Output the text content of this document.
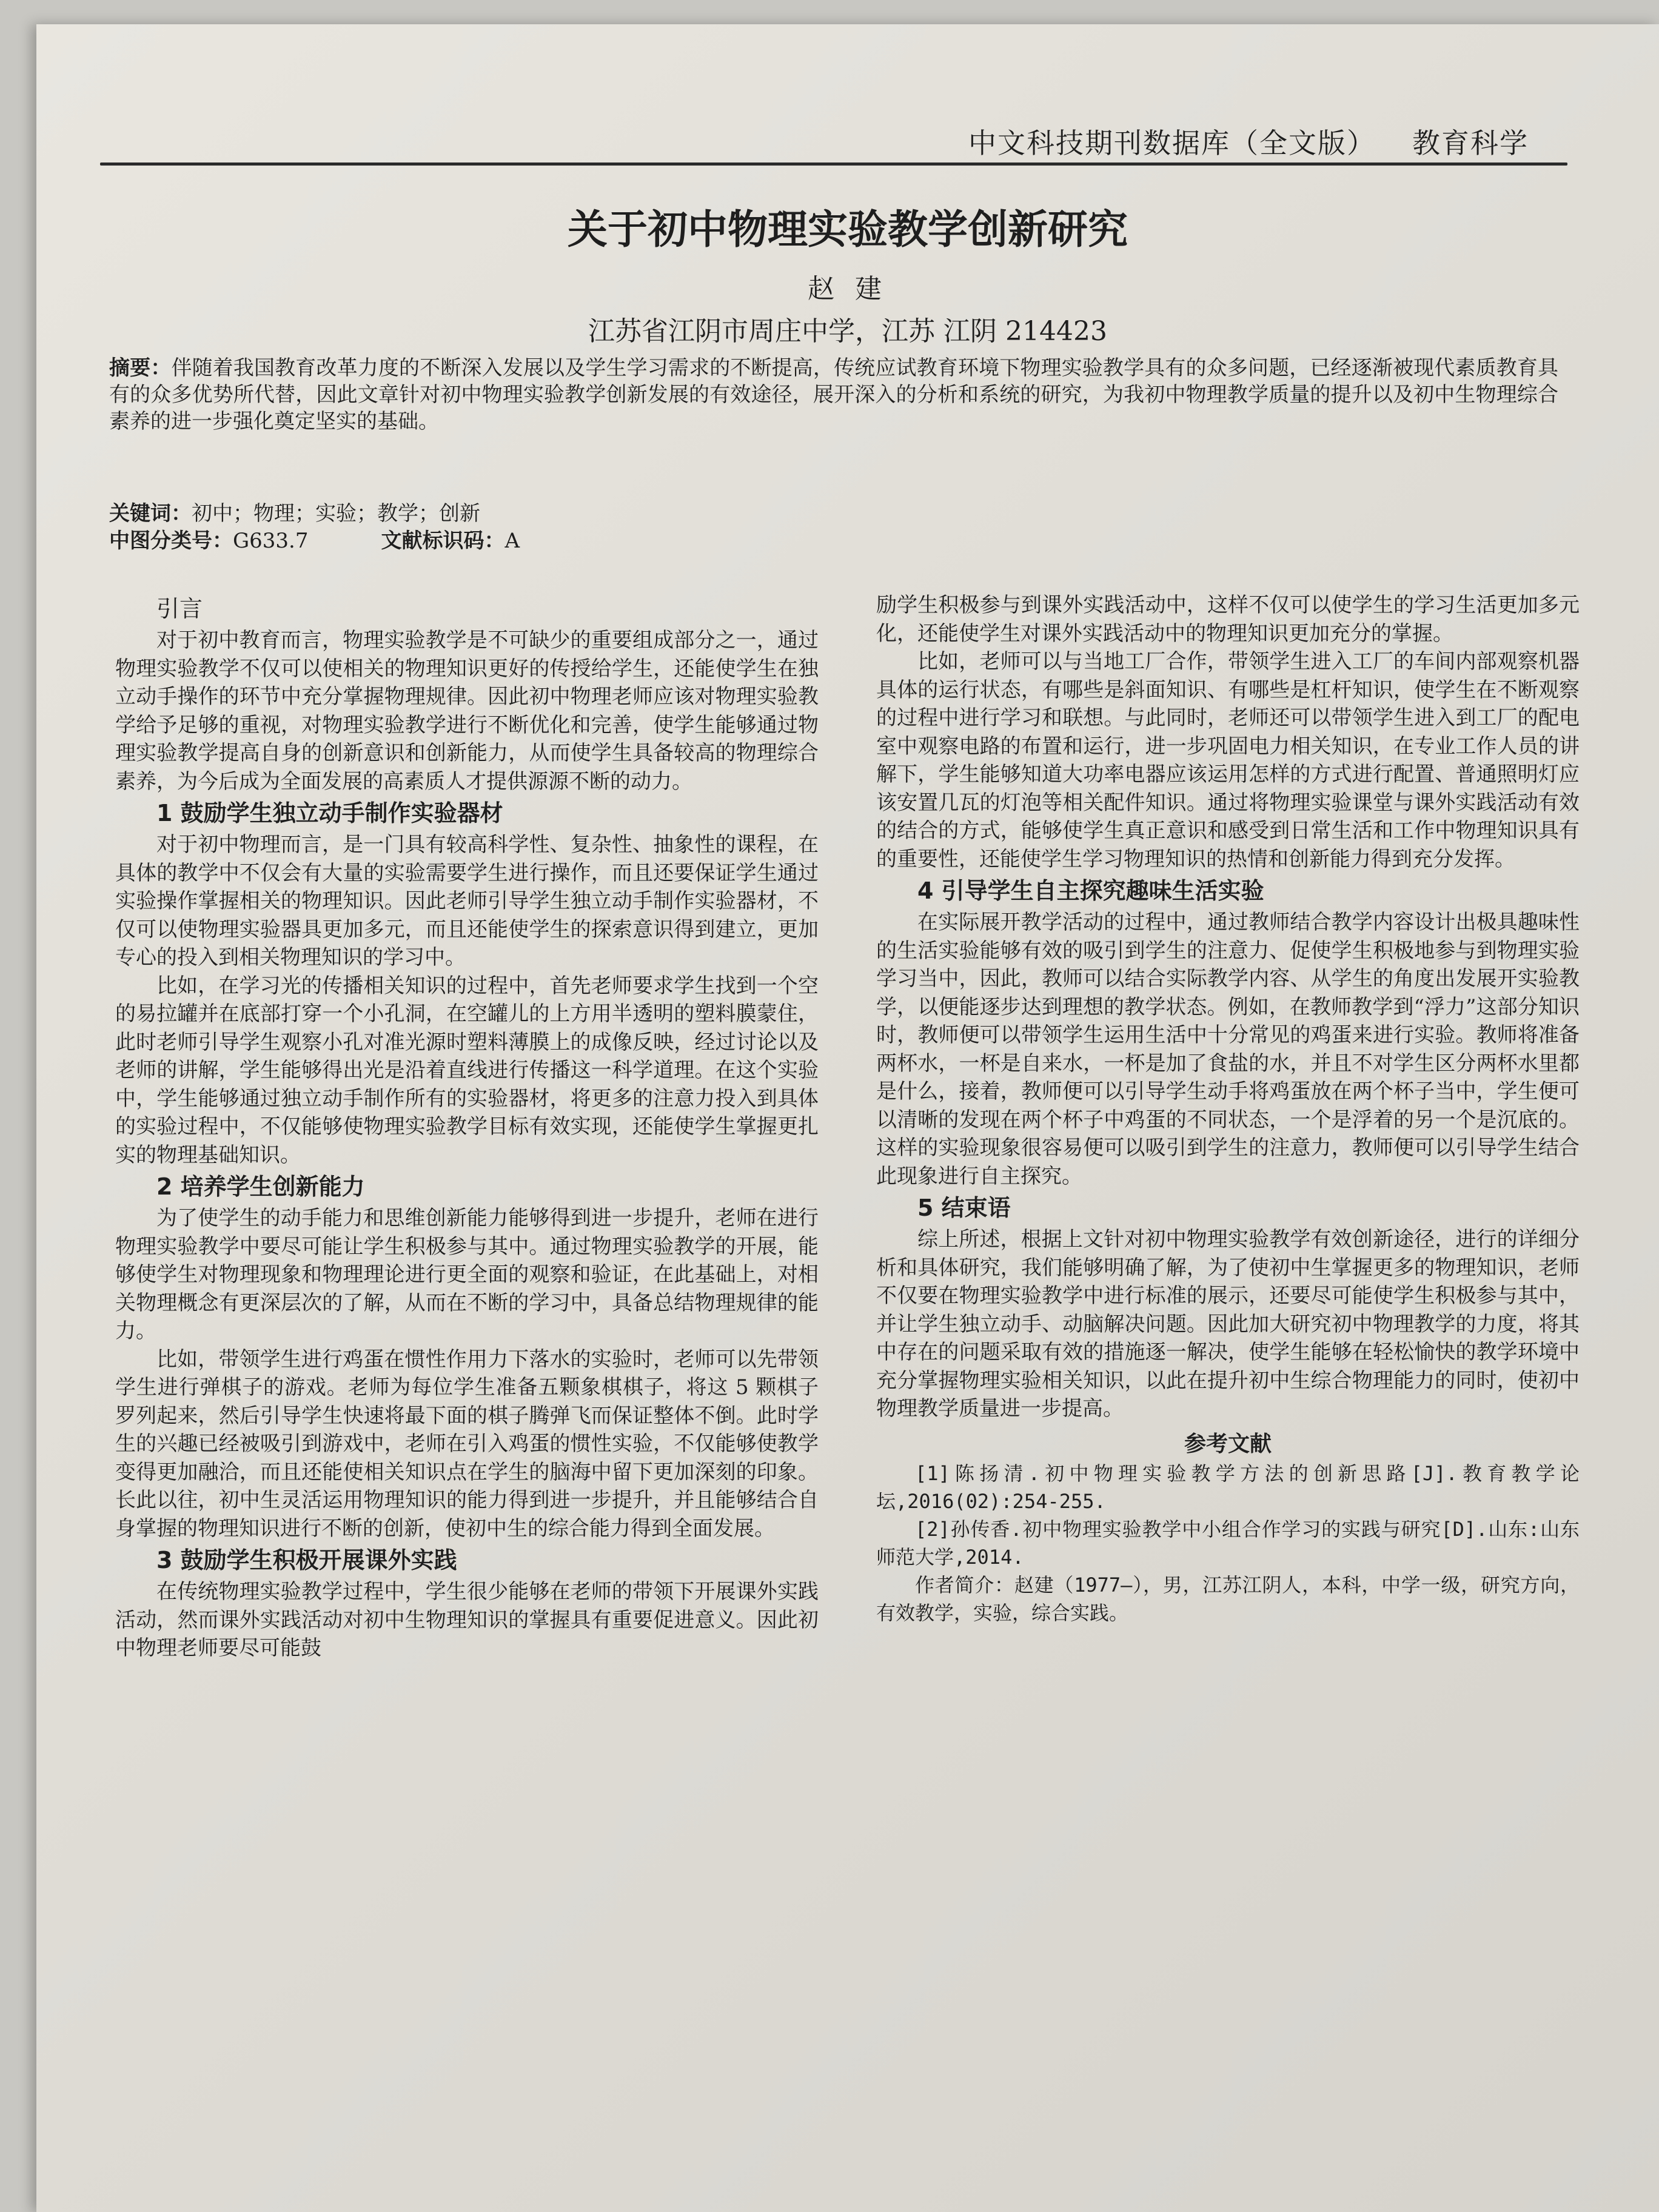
中文科技期刊数据库（全文版） 教育科学
关于初中物理实验教学创新研究
赵 建
江苏省江阴市周庄中学，江苏 江阴 214423
摘要：伴随着我国教育改革力度的不断深入发展以及学生学习需求的不断提高，传统应试教育环境下物理实验教学具有的众多问题，已经逐渐被现代素质教育具有的众多优势所代替，因此文章针对初中物理实验教学创新发展的有效途径，展开深入的分析和系统的研究，为我初中物理教学质量的提升以及初中生物理综合素养的进一步强化奠定坚实的基础。
关键词：初中；物理；实验；教学；创新
中图分类号：G633.7	文献标识码：A
引言

对于初中教育而言，物理实验教学是不可缺少的重要组成部分之一，通过物理实验教学不仅可以使相关的物理知识更好的传授给学生，还能使学生在独立动手操作的环节中充分掌握物理规律。因此初中物理老师应该对物理实验教学给予足够的重视，对物理实验教学进行不断优化和完善，使学生能够通过物理实验教学提高自身的创新意识和创新能力，从而使学生具备较高的物理综合素养，为今后成为全面发展的高素质人才提供源源不断的动力。

1 鼓励学生独立动手制作实验器材

对于初中物理而言，是一门具有较高科学性、复杂性、抽象性的课程，在具体的教学中不仅会有大量的实验需要学生进行操作，而且还要保证学生通过实验操作掌握相关的物理知识。因此老师引导学生独立动手制作实验器材，不仅可以使物理实验器具更加多元，而且还能使学生的探索意识得到建立，更加专心的投入到相关物理知识的学习中。

比如，在学习光的传播相关知识的过程中，首先老师要求学生找到一个空的易拉罐并在底部打穿一个小孔洞，在空罐儿的上方用半透明的塑料膜蒙住，此时老师引导学生观察小孔对准光源时塑料薄膜上的成像反映，经过讨论以及老师的讲解，学生能够得出光是沿着直线进行传播这一科学道理。在这个实验中，学生能够通过独立动手制作所有的实验器材，将更多的注意力投入到具体的实验过程中，不仅能够使物理实验教学目标有效实现，还能使学生掌握更扎实的物理基础知识。

2 培养学生创新能力

为了使学生的动手能力和思维创新能力能够得到进一步提升，老师在进行物理实验教学中要尽可能让学生积极参与其中。通过物理实验教学的开展，能够使学生对物理现象和物理理论进行更全面的观察和验证，在此基础上，对相关物理概念有更深层次的了解，从而在不断的学习中，具备总结物理规律的能力。

比如，带领学生进行鸡蛋在惯性作用力下落水的实验时，老师可以先带领学生进行弹棋子的游戏。老师为每位学生准备五颗象棋棋子，将这 5 颗棋子罗列起来，然后引导学生快速将最下面的棋子腾弹飞而保证整体不倒。此时学生的兴趣已经被吸引到游戏中，老师在引入鸡蛋的惯性实验，不仅能够使教学变得更加融洽，而且还能使相关知识点在学生的脑海中留下更加深刻的印象。长此以往，初中生灵活运用物理知识的能力得到进一步提升，并且能够结合自身掌握的物理知识进行不断的创新，使初中生的综合能力得到全面发展。

3 鼓励学生积极开展课外实践

在传统物理实验教学过程中，学生很少能够在老师的带领下开展课外实践活动，然而课外实践活动对初中生物理知识的掌握具有重要促进意义。因此初中物理老师要尽可能鼓

励学生积极参与到课外实践活动中，这样不仅可以使学生的学习生活更加多元化，还能使学生对课外实践活动中的物理知识更加充分的掌握。

比如，老师可以与当地工厂合作，带领学生进入工厂的车间内部观察机器具体的运行状态，有哪些是斜面知识、有哪些是杠杆知识，使学生在不断观察的过程中进行学习和联想。与此同时，老师还可以带领学生进入到工厂的配电室中观察电路的布置和运行，进一步巩固电力相关知识，在专业工作人员的讲解下，学生能够知道大功率电器应该运用怎样的方式进行配置、普通照明灯应该安置几瓦的灯泡等相关配件知识。通过将物理实验课堂与课外实践活动有效的结合的方式，能够使学生真正意识和感受到日常生活和工作中物理知识具有的重要性，还能使学生学习物理知识的热情和创新能力得到充分发挥。

4 引导学生自主探究趣味生活实验

在实际展开教学活动的过程中，通过教师结合教学内容设计出极具趣味性的生活实验能够有效的吸引到学生的注意力、促使学生积极地参与到物理实验学习当中，因此，教师可以结合实际教学内容、从学生的角度出发展开实验教学，以便能逐步达到理想的教学状态。例如，在教师教学到“浮力”这部分知识时，教师便可以带领学生运用生活中十分常见的鸡蛋来进行实验。教师将准备两杯水，一杯是自来水，一杯是加了食盐的水，并且不对学生区分两杯水里都是什么，接着，教师便可以引导学生动手将鸡蛋放在两个杯子当中，学生便可以清晰的发现在两个杯子中鸡蛋的不同状态，一个是浮着的另一个是沉底的。这样的实验现象很容易便可以吸引到学生的注意力，教师便可以引导学生结合此现象进行自主探究。

5 结束语

综上所述，根据上文针对初中物理实验教学有效创新途径，进行的详细分析和具体研究，我们能够明确了解，为了使初中生掌握更多的物理知识，老师不仅要在物理实验教学中进行标准的展示，还要尽可能使学生积极参与其中，并让学生独立动手、动脑解决问题。因此加大研究初中物理教学的力度，将其中存在的问题采取有效的措施逐一解决，使学生能够在轻松愉快的教学环境中充分掌握物理实验相关知识，以此在提升初中生综合物理能力的同时，使初中物理教学质量进一步提高。

参考文献

[1]陈扬清.初中物理实验教学方法的创新思路[J].教育教学论坛,2016(02):254-255.

[2]孙传香.初中物理实验教学中小组合作学习的实践与研究[D].山东:山东师范大学,2014.

作者简介：赵建（1977—），男，江苏江阴人，本科，中学一级，研究方向，有效教学，实验，综合实践。
